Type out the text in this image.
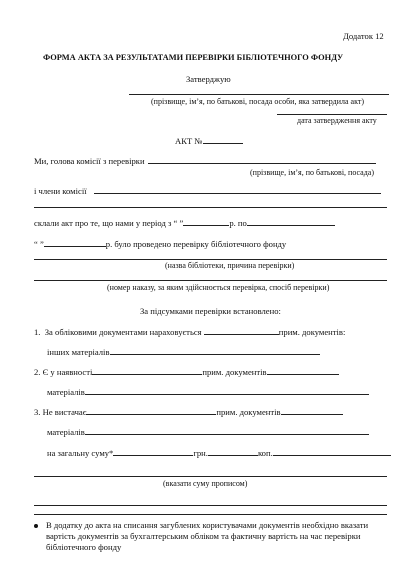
Додаток 12
ФОРМА АКТА ЗА РЕЗУЛЬТАТАМИ ПЕРЕВІРКИ БІБЛІОТЕЧНОГО ФОНДУ
Затверджую
(прізвище, ім’я, по батькові, посада особи, яка затвердила акт)
дата затвердження акту
АКТ №
Ми, голова комісії з перевірки
(прізвище, ім’я, по батькові, посада)
і члени комісії
склали акт про те, що нами у період з “ ”	р. по
“ ”	р. було проведено перевірку бібліотечного фонду
(назва бібліотеки, причина перевірки)
(номер наказу, за яким здійснюється перевірка, спосіб перевірки)
За підсумками перевірки встановлено:
1. За обліковими документами нараховується	прим. документів:
інших матеріалів
2. Є у наявності	прим. документів
матеріалів
3. Не вистачає	прим. документів
матеріалів
на загальну суму*	грн.	коп.
(вказати суму прописом)
В додатку до акта на списання загублених користувачами документів необхідно вказати
вартість документів за бухгалтерським обліком та фактичну вартість на час перевірки
бібліотечного фонду
